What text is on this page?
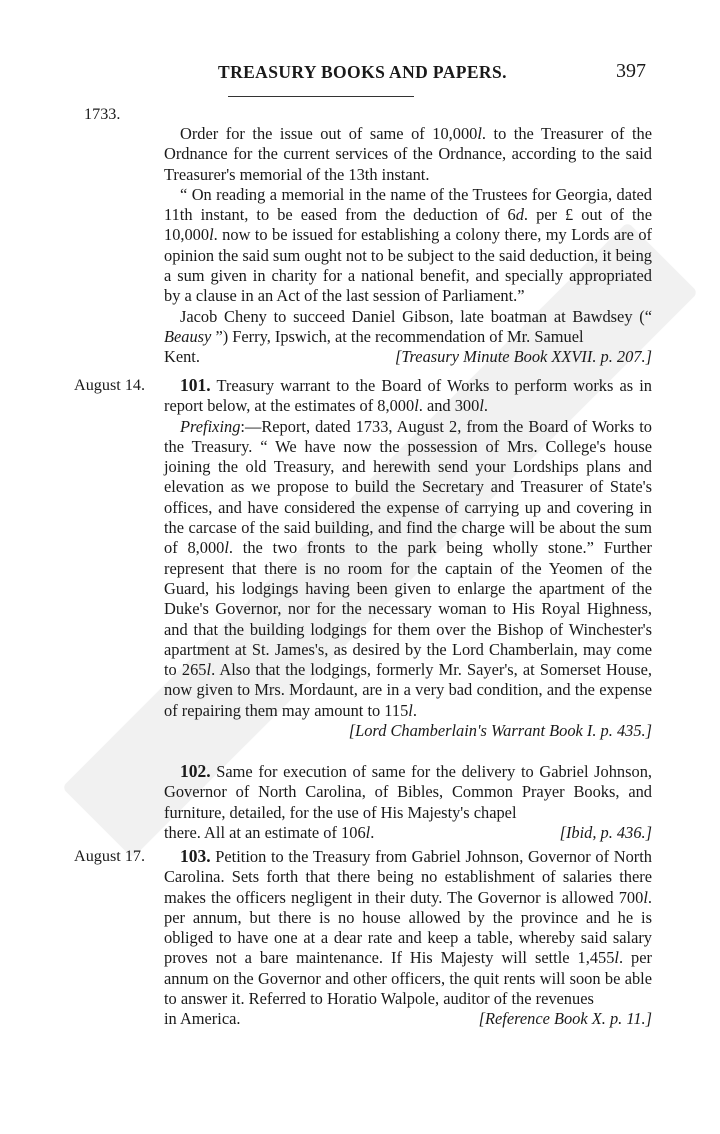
TREASURY BOOKS AND PAPERS.	397
1733.
August 14.
August 17.

Order for the issue out of same of 10,000l. to the Treasurer of the Ordnance for the current services of the Ordnance, according to the said Treasurer's memorial of the 13th instant.

“ On reading a memorial in the name of the Trustees for Georgia, dated 11th instant, to be eased from the deduction of 6d. per £ out of the 10,000l. now to be issued for establishing a colony there, my Lords are of opinion the said sum ought not to be subject to the said deduction, it being a sum given in charity for a national benefit, and specially appropriated by a clause in an Act of the last session of Parliament.”

Jacob Cheny to succeed Daniel Gibson, late boatman at Bawdsey (“ Beausy ”) Ferry, Ipswich, at the recommendation of Mr. Samuel

Kent.	[Treasury Minute Book XXVII. p. 207.]

101. Treasury warrant to the Board of Works to perform works as in report below, at the estimates of 8,000l. and 300l.

Prefixing:—Report, dated 1733, August 2, from the Board of Works to the Treasury. “ We have now the possession of Mrs. College's house joining the old Treasury, and herewith send your Lordships plans and elevation as we propose to build the Secretary and Treasurer of State's offices, and have considered the expense of carrying up and covering in the carcase of the said building, and find the charge will be about the sum of 8,000l. the two fronts to the park being wholly stone.” Further represent that there is no room for the captain of the Yeomen of the Guard, his lodgings having been given to enlarge the apartment of the Duke's Governor, nor for the necessary woman to His Royal Highness, and that the building lodgings for them over the Bishop of Winchester's apartment at St. James's, as desired by the Lord Chamberlain, may come to 265l. Also that the lodgings, formerly Mr. Sayer's, at Somerset House, now given to Mrs. Mordaunt, are in a very bad condition, and the expense of repairing them may amount to 115l.

[Lord Chamberlain's Warrant Book I. p. 435.]

102. Same for execution of same for the delivery to Gabriel Johnson, Governor of North Carolina, of Bibles, Common Prayer Books, and furniture, detailed, for the use of His Majesty's chapel

there. All at an estimate of 106l.	[Ibid, p. 436.]

103. Petition to the Treasury from Gabriel Johnson, Governor of North Carolina. Sets forth that there being no establishment of salaries there makes the officers negligent in their duty. The Governor is allowed 700l. per annum, but there is no house allowed by the province and he is obliged to have one at a dear rate and keep a table, whereby said salary proves not a bare maintenance. If His Majesty will settle 1,455l. per annum on the Governor and other officers, the quit rents will soon be able to answer it. Referred to Horatio Walpole, auditor of the revenues

in America.	[Reference Book X. p. 11.]
